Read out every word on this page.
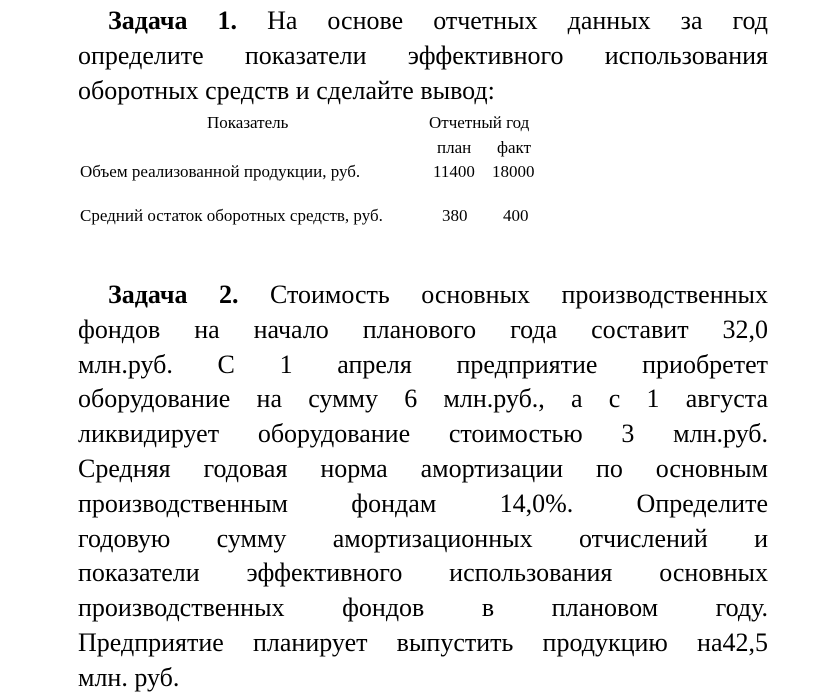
Задача 1. На основе отчетных данных за год
определите показатели эффективного использования
оборотных средств и сделайте вывод:
Показатель	Отчетный год
план факт
Объем реализованной продукции, руб.	11400 18000
Средний остаток оборотных средств, руб.	380 400
Задача 2. Стоимость основных производственных
фондов на начало планового года составит 32,0
млн.руб. С 1 апреля предприятие приобретет
оборудование на сумму 6 млн.руб., а с 1 августа
ликвидирует оборудование стоимостью 3 млн.руб.
Средняя годовая норма амортизации по основным
производственным фондам 14,0%. Определите
годовую сумму амортизационных отчислений и
показатели эффективного использования основных
производственных фондов в плановом году.
Предприятие планирует выпустить продукцию на42,5
млн. руб.
